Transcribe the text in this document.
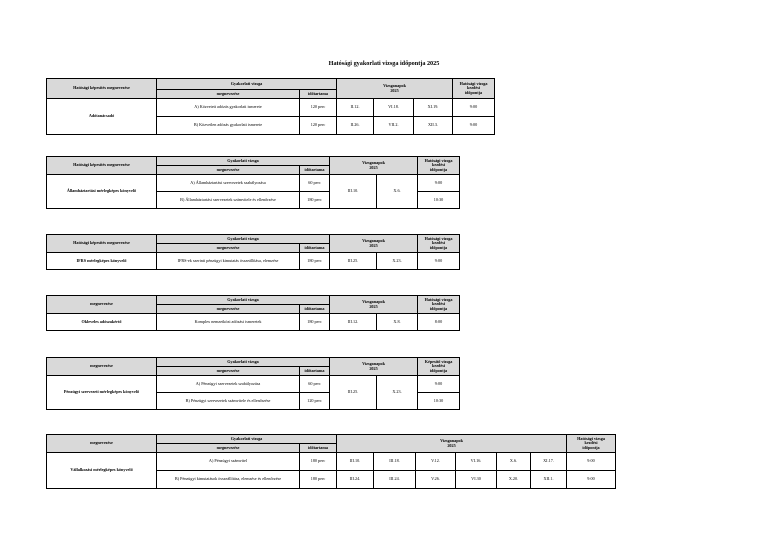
Hatósági gyakorlati vizsga időpontja 2025
Hatósági képesítés megnevezése	Gyakorlati vizsga		Vizsganapok
2025			Hatósági vizsga
kezdési
időpontja
	megnevezése	időtartama				
Adótanácsadó	A) Közvetett adózás gyakorlati ismerete	120 perc	II.12.	VI.18.	XI.19.	9:00
	B) Közvetlen adózás gyakorlati ismerete	120 perc	II.26.	VII.2.	XII.3.	9:00
Hatósági képesítés megnevezése	Gyakorlati vizsga		Vizsganapok
2025		Hatósági vizsga
kezdési
időpontja
	megnevezése	időtartama			
Államháztartási mérlegképes könyvelő	A) Államháztartási szervezetek szabályozása	60 perc	III.10.	X.6.	9:00
	B) Államháztartási szervezetek számvitele és ellenőrzése	180 perc			10:30
Hatósági képesítés megnevezése	Gyakorlati vizsga		Vizsganapok
2025		Hatósági vizsga
kezdési
időpontja
	megnevezése	időtartama			
IFRS mérlegképes könyvelő	IFRS-ek szerinti pénzügyi kimutatás összeállítása, elemzése	180 perc	III.25.	X.23.	9:00
megnevezése	Gyakorlati vizsga		Vizsganapok
2025		Hatósági vizsga
kezdési
időpontja
	megnevezése	időtartama			
Okleveles adószakértő	Komplex nemzetközi adózási ismeretek	180 perc	III.12.	X.8.	8:00
megnevezése	Gyakorlati vizsga		Vizsganapok
2025		Képesítő vizsga
kezdési
időpontja
	megnevezése	időtartama			
Pénzügyi szervezeti mérlegképes könyvelő	A) Pénzügyi szervezetek szabályozása	60 perc	III.25.	X.23.	9:00
	B) Pénzügyi szervezetek számvitele és ellenőrzése	120 perc			10:30
megnevezése	Gyakorlati vizsga		Vizsganapok
2025						Hatósági vizsga
kezdési
időpontja
	megnevezése	időtartama							
Vállalkozási mérlegképes könyvelő	A) Pénzügyi számvitel	180 perc	III.10.	III.18.	V.12.	VI.16.	X.6.	XI.17.	9:00
	B) Pénzügyi kimutatások összeállítása, elemzése és ellenőrzése	180 perc	III.24.	III.24.	V.26.	VI.30	X.20.	XII.1.	9:00
